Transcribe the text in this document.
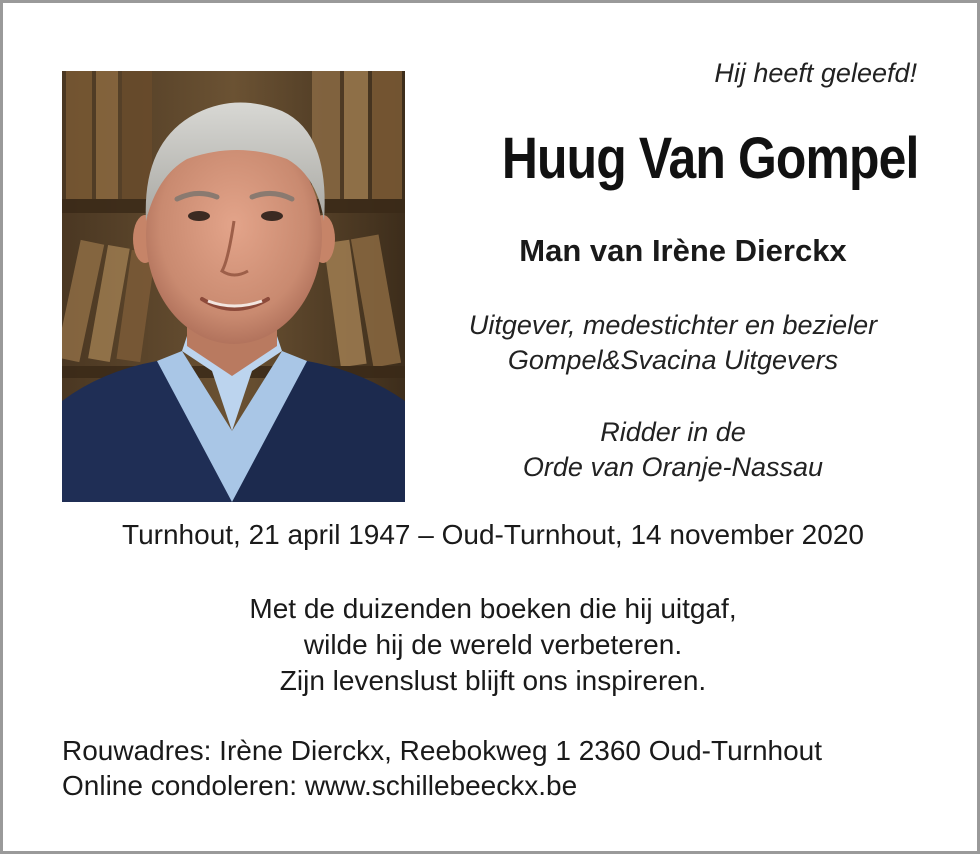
Hij heeft geleefd!
Huug Van Gompel
Man van Irène Dierckx
Uitgever, medestichter en bezieler
Gompel&Svacina Uitgevers
Ridder in de
Orde van Oranje-Nassau
Turnhout, 21 april 1947 – Oud-Turnhout, 14 november 2020
Met de duizenden boeken die hij uitgaf,
wilde hij de wereld verbeteren.
Zijn levenslust blijft ons inspireren.
Rouwadres: Irène Dierckx, Reebokweg 1 2360 Oud-Turnhout
Online condoleren: www.schillebeeckx.be
